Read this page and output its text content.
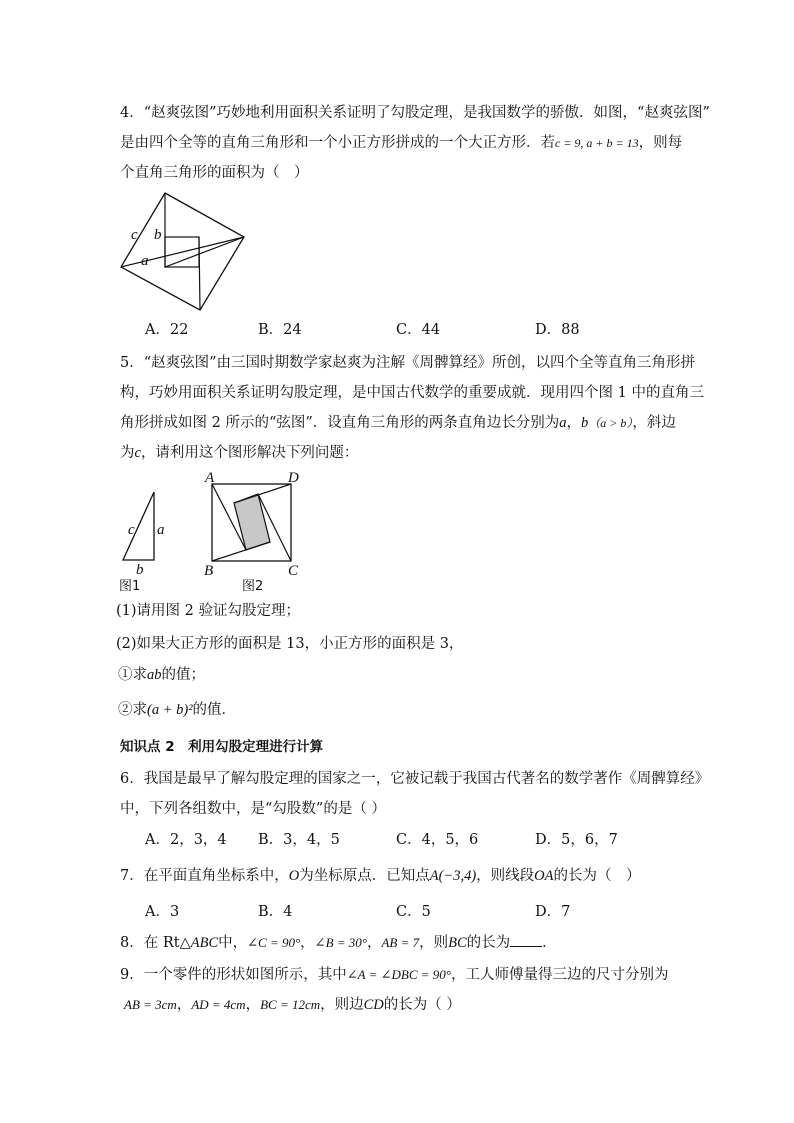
4．“赵爽弦图”巧妙地利用面积关系证明了勾股定理，是我国数学的骄傲．如图，“赵爽弦图”
是由四个全等的直角三角形和一个小正方形拼成的一个大正方形．若c = 9, a + b = 13，则每
个直角三角形的面积为（　）
c b
a
A．22	B．24	C．44	D．88
5．“赵爽弦图”由三国时期数学家赵爽为注解《周髀算经》所创，以四个全等直角三角形拼
构，巧妙用面积关系证明勾股定理，是中国古代数学的重要成就．现用四个图 1 中的直角三
角形拼成如图 2 所示的“弦图”．设直角三角形的两条直角边长分别为a，b（a > b），斜边
为c，请利用这个图形解决下列问题：
c a
b
图1
A	D
B	C
图2
(1)请用图 2 验证勾股定理；
(2)如果大正方形的面积是 13，小正方形的面积是 3，
①求ab的值；
②求(a + b)²的值．
知识点 2　利用勾股定理进行计算
6．我国是最早了解勾股定理的国家之一，它被记载于我国古代著名的数学著作《周髀算经》
中，下列各组数中，是“勾股数”的是（ ）
A．2，3，4 B．3，4，5	C．4，5，6	D．5，6，7
7．在平面直角坐标系中，O为坐标原点．已知点A(−3,4)，则线段OA的长为（　）
A．3	B．4	C．5	D．7
8．在 Rt△ABC中，∠C = 90°，∠B = 30°，AB = 7，则BC的长为 ．
9．一个零件的形状如图所示，其中∠A = ∠DBC = 90°，工人师傅量得三边的尺寸分别为
AB = 3cm，AD = 4cm，BC = 12cm，则边CD的长为（ ）
